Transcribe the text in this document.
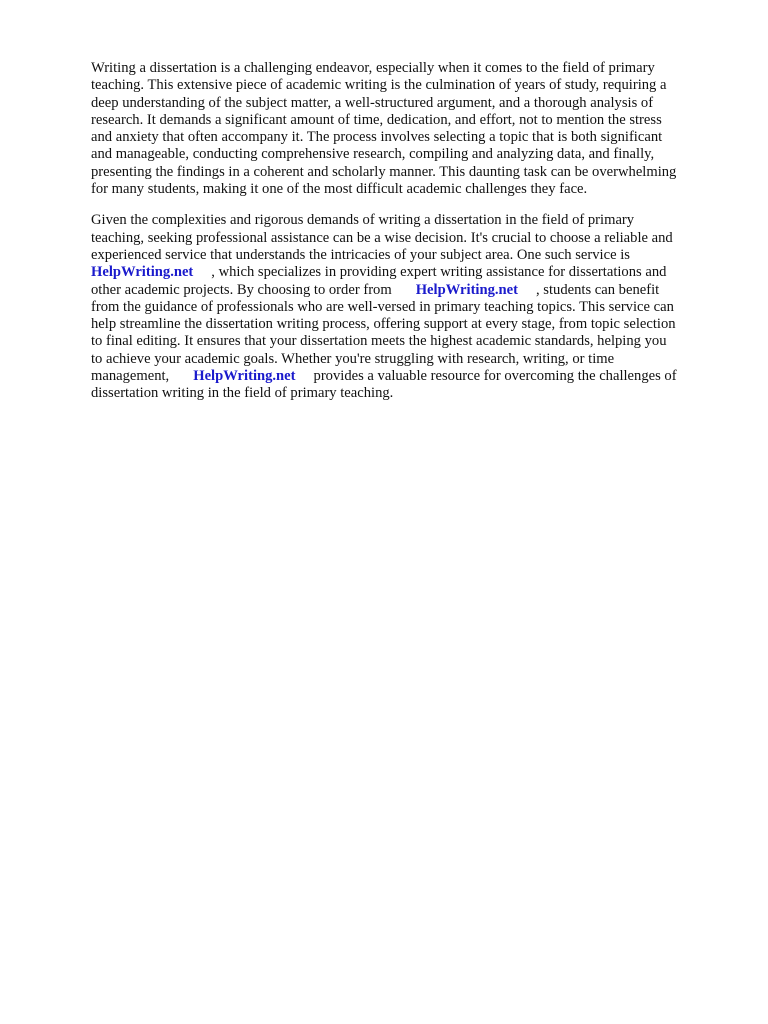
Writing a dissertation is a challenging endeavor, especially when it comes to the field of primary
teaching. This extensive piece of academic writing is the culmination of years of study, requiring a
deep understanding of the subject matter, a well-structured argument, and a thorough analysis of
research. It demands a significant amount of time, dedication, and effort, not to mention the stress
and anxiety that often accompany it. The process involves selecting a topic that is both significant
and manageable, conducting comprehensive research, compiling and analyzing data, and finally,
presenting the findings in a coherent and scholarly manner. This daunting task can be overwhelming
for many students, making it one of the most difficult academic challenges they face.

Given the complexities and rigorous demands of writing a dissertation in the field of primary
teaching, seeking professional assistance can be a wise decision. It's crucial to choose a reliable and
experienced service that understands the intricacies of your subject area. One such service is
HelpWriting.net , which specializes in providing expert writing assistance for dissertations and
other academic projects. By choosing to order from HelpWriting.net , students can benefit
from the guidance of professionals who are well-versed in primary teaching topics. This service can
help streamline the dissertation writing process, offering support at every stage, from topic selection
to final editing. It ensures that your dissertation meets the highest academic standards, helping you
to achieve your academic goals. Whether you're struggling with research, writing, or time
management, HelpWriting.net provides a valuable resource for overcoming the challenges of
dissertation writing in the field of primary teaching.
